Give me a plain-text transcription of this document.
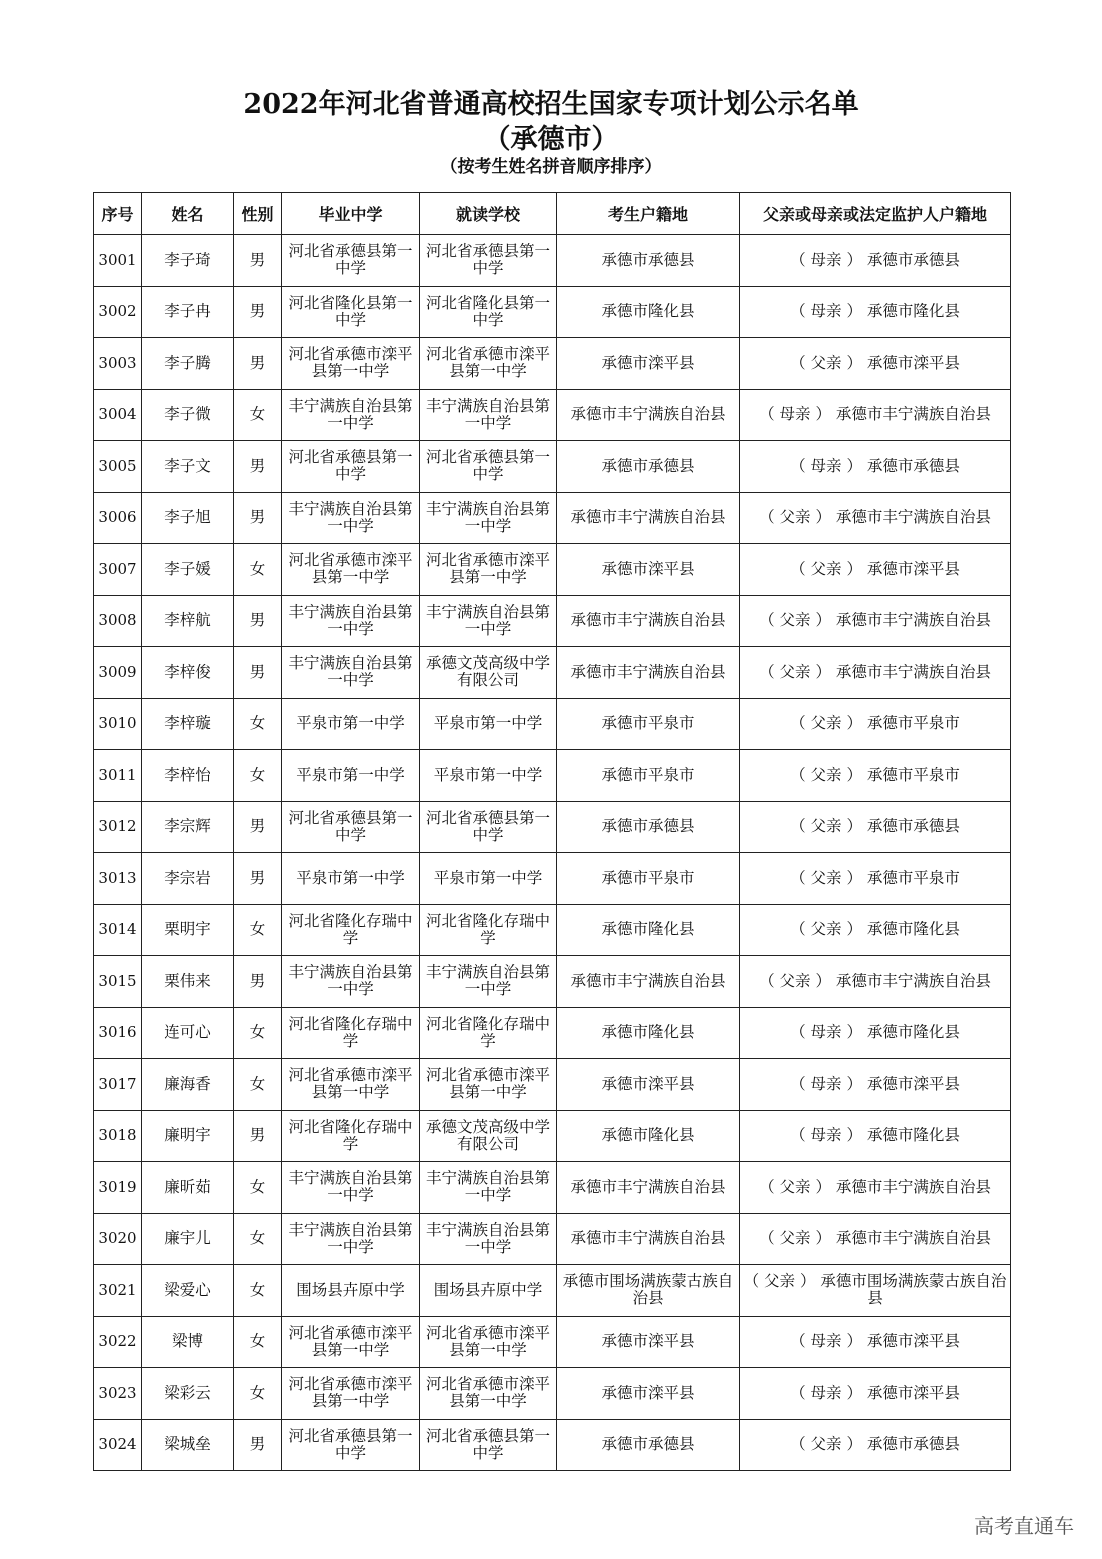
2022年河北省普通高校招生国家专项计划公示名单
（承德市）
（按考生姓名拼音顺序排序）
序号	姓名	性别	毕业中学	就读学校	考生户籍地	父亲或母亲或法定监护人户籍地
3001	李子琦	男	河北省承德县第一中学	河北省承德县第一中学	承德市承德县	（ 母亲 ） 承德市承德县
3002	李子冉	男	河北省隆化县第一中学	河北省隆化县第一中学	承德市隆化县	（ 母亲 ） 承德市隆化县
3003	李子腾	男	河北省承德市滦平县第一中学	河北省承德市滦平县第一中学	承德市滦平县	（ 父亲 ） 承德市滦平县
3004	李子微	女	丰宁满族自治县第一中学	丰宁满族自治县第一中学	承德市丰宁满族自治县	（ 母亲 ） 承德市丰宁满族自治县
3005	李子文	男	河北省承德县第一中学	河北省承德县第一中学	承德市承德县	（ 母亲 ） 承德市承德县
3006	李子旭	男	丰宁满族自治县第一中学	丰宁满族自治县第一中学	承德市丰宁满族自治县	（ 父亲 ） 承德市丰宁满族自治县
3007	李子媛	女	河北省承德市滦平县第一中学	河北省承德市滦平县第一中学	承德市滦平县	（ 父亲 ） 承德市滦平县
3008	李梓航	男	丰宁满族自治县第一中学	丰宁满族自治县第一中学	承德市丰宁满族自治县	（ 父亲 ） 承德市丰宁满族自治县
3009	李梓俊	男	丰宁满族自治县第一中学	承德文茂高级中学有限公司	承德市丰宁满族自治县	（ 父亲 ） 承德市丰宁满族自治县
3010	李梓璇	女	平泉市第一中学	平泉市第一中学	承德市平泉市	（ 父亲 ） 承德市平泉市
3011	李梓怡	女	平泉市第一中学	平泉市第一中学	承德市平泉市	（ 父亲 ） 承德市平泉市
3012	李宗辉	男	河北省承德县第一中学	河北省承德县第一中学	承德市承德县	（ 父亲 ） 承德市承德县
3013	李宗岩	男	平泉市第一中学	平泉市第一中学	承德市平泉市	（ 父亲 ） 承德市平泉市
3014	栗明宇	女	河北省隆化存瑞中学	河北省隆化存瑞中学	承德市隆化县	（ 父亲 ） 承德市隆化县
3015	栗伟来	男	丰宁满族自治县第一中学	丰宁满族自治县第一中学	承德市丰宁满族自治县	（ 父亲 ） 承德市丰宁满族自治县
3016	连可心	女	河北省隆化存瑞中学	河北省隆化存瑞中学	承德市隆化县	（ 母亲 ） 承德市隆化县
3017	廉海香	女	河北省承德市滦平县第一中学	河北省承德市滦平县第一中学	承德市滦平县	（ 母亲 ） 承德市滦平县
3018	廉明宇	男	河北省隆化存瑞中学	承德文茂高级中学有限公司	承德市隆化县	（ 母亲 ） 承德市隆化县
3019	廉昕茹	女	丰宁满族自治县第一中学	丰宁满族自治县第一中学	承德市丰宁满族自治县	（ 父亲 ） 承德市丰宁满族自治县
3020	廉宇儿	女	丰宁满族自治县第一中学	丰宁满族自治县第一中学	承德市丰宁满族自治县	（ 父亲 ） 承德市丰宁满族自治县
3021	梁爱心	女	围场县卉原中学	围场县卉原中学	承德市围场满族蒙古族自治县	（ 父亲 ） 承德市围场满族蒙古族自治县
3022	梁博	女	河北省承德市滦平县第一中学	河北省承德市滦平县第一中学	承德市滦平县	（ 母亲 ） 承德市滦平县
3023	梁彩云	女	河北省承德市滦平县第一中学	河北省承德市滦平县第一中学	承德市滦平县	（ 母亲 ） 承德市滦平县
3024	梁城垒	男	河北省承德县第一中学	河北省承德县第一中学	承德市承德县	（ 父亲 ） 承德市承德县
高考直通车
